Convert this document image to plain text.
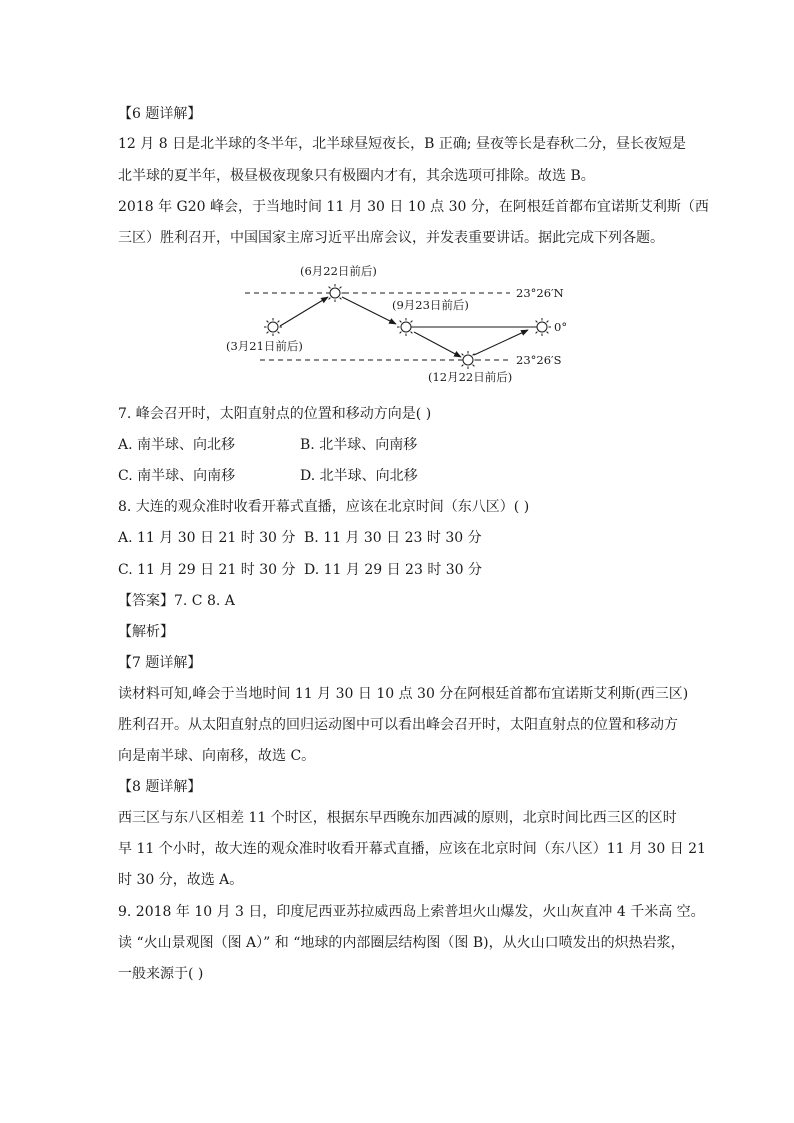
【6 题详解】
12 月 8 日是北半球的冬半年，北半球昼短夜长，B 正确; 昼夜等长是春秋二分，昼长夜短是
北半球的夏半年，极昼极夜现象只有极圈内才有，其余选项可排除。故选 B。
2018 年 G20 峰会，于当地时间 11 月 30 日 10 点 30 分，在阿根廷首都布宜诺斯艾利斯（西
三区）胜利召开，中国国家主席习近平出席会议，并发表重要讲话。据此完成下列各题。
(6月22日前后)
(9月23日前后)
(3月21日前后)
(12月22日前后)
23°26′N
0°
23°26′S
7. 峰会召开时，太阳直射点的位置和移动方向是( )
A. 南半球、向北移	B. 北半球、向南移
C. 南半球、向南移	D. 北半球、向北移
8. 大连的观众准时收看开幕式直播，应该在北京时间（东八区）( )
A. 11 月 30 日 21 时 30 分 B. 11 月 30 日 23 时 30 分
C. 11 月 29 日 21 时 30 分 D. 11 月 29 日 23 时 30 分
【答案】7. C 8. A
【解析】
【7 题详解】
读材料可知,峰会于当地时间 11 月 30 日 10 点 30 分在阿根廷首都布宜诺斯艾利斯(西三区)
胜利召开。从太阳直射点的回归运动图中可以看出峰会召开时，太阳直射点的位置和移动方
向是南半球、向南移，故选 C。
【8 题详解】
西三区与东八区相差 11 个时区，根据东早西晚东加西减的原则，北京时间比西三区的区时
早 11 个小时，故大连的观众准时收看开幕式直播，应该在北京时间（东八区）11 月 30 日 21
时 30 分，故选 A。
9. 2018 年 10 月 3 日，印度尼西亚苏拉威西岛上索普坦火山爆发，火山灰直冲 4 千米高 空。
读 “火山景观图（图 A）” 和 “地球的内部圈层结构图（图 B)，从火山口喷发出的炽热岩浆，
一般来源于( )
